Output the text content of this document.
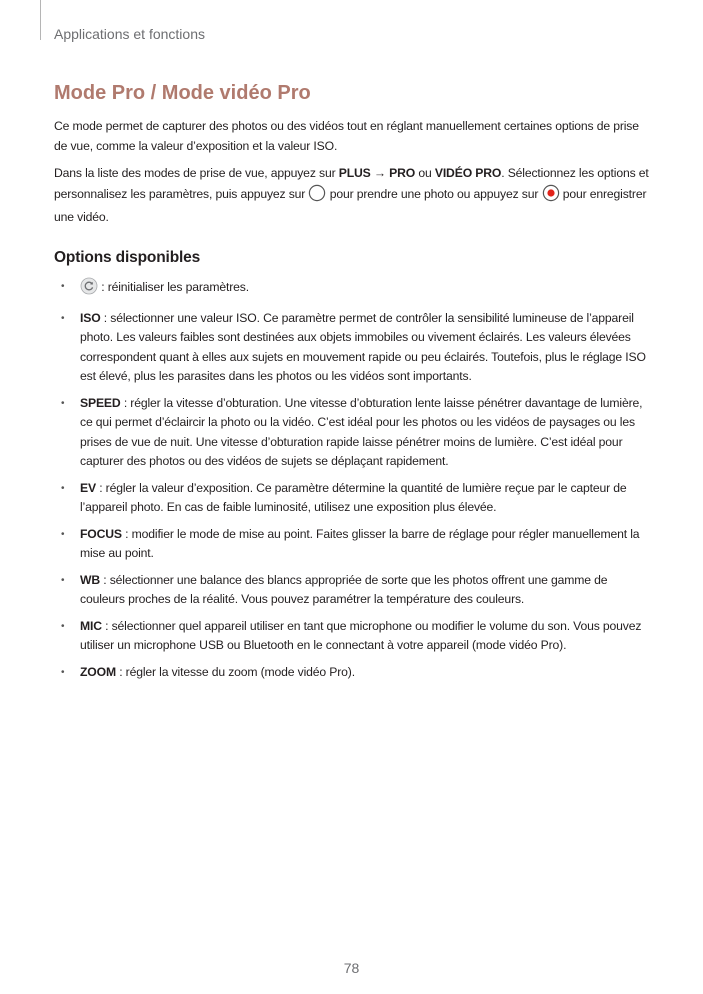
Applications et fonctions
Mode Pro / Mode vidéo Pro

Ce mode permet de capturer des photos ou des vidéos tout en réglant manuellement certaines options de prise de vue, comme la valeur d’exposition et la valeur ISO.

Dans la liste des modes de prise de vue, appuyez sur PLUS → PRO ou VIDÉO PRO. Sélectionnez les options et personnalisez les paramètres, puis appuyez sur  pour prendre une photo ou appuyez sur  pour enregistrer une vidéo.

Options disponibles
•	: réinitialiser les paramètres.
• ISO : sélectionner une valeur ISO. Ce paramètre permet de contrôler la sensibilité lumineuse de l’appareil photo. Les valeurs faibles sont destinées aux objets immobiles ou vivement éclairés. Les valeurs élevées correspondent quant à elles aux sujets en mouvement rapide ou peu éclairés. Toutefois, plus le réglage ISO est élevé, plus les parasites dans les photos ou les vidéos sont importants.
• SPEED : régler la vitesse d’obturation. Une vitesse d’obturation lente laisse pénétrer davantage de lumière, ce qui permet d’éclaircir la photo ou la vidéo. C’est idéal pour les photos ou les vidéos de paysages ou les prises de vue de nuit. Une vitesse d’obturation rapide laisse pénétrer moins de lumière. C’est idéal pour capturer des photos ou des vidéos de sujets se déplaçant rapidement.
• EV : régler la valeur d’exposition. Ce paramètre détermine la quantité de lumière reçue par le capteur de l’appareil photo. En cas de faible luminosité, utilisez une exposition plus élevée.
• FOCUS : modifier le mode de mise au point. Faites glisser la barre de réglage pour régler manuellement la mise au point.
• WB : sélectionner une balance des blancs appropriée de sorte que les photos offrent une gamme de couleurs proches de la réalité. Vous pouvez paramétrer la température des couleurs.
• MIC : sélectionner quel appareil utiliser en tant que microphone ou modifier le volume du son. Vous pouvez utiliser un microphone USB ou Bluetooth en le connectant à votre appareil (mode vidéo Pro).
• ZOOM : régler la vitesse du zoom (mode vidéo Pro).
78
